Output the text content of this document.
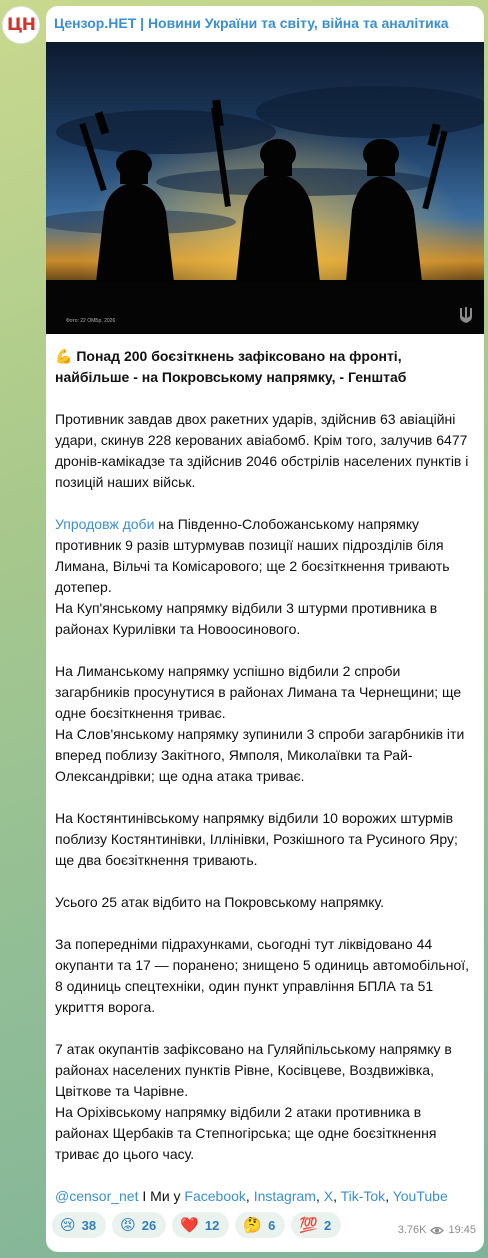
ЦН Цензор.НЕТ | Новини України та світу, війна та аналітика
Фото: 22 ОМБр, 2026
💪 Понад 200 боєзіткнень зафіксовано на фронті, найбільше - на Покровському напрямку, - Генштаб
Противник завдав двох ракетних ударів, здійснив 63 авіаційні удари, скинув 228 керованих авіабомб. Крім того, залучив 6477 дронів-камікадзе та здійснив 2046 обстрілів населених пунктів і позицій наших військ.
Упродовж доби на Південно-Слобожанському напрямку противник 9 разів штурмував позиції наших підрозділів біля Лимана, Вільчі та Комісарового; ще 2 боєзіткнення тривають дотепер.
На Куп'янському напрямку відбили 3 штурми противника в районах Курилівки та Новоосинового.
На Лиманському напрямку успішно відбили 2 спроби загарбників просунутися в районах Лимана та Чернещини; ще одне боєзіткнення триває.
На Слов'янському напрямку зупинили 3 спроби загарбників іти вперед поблизу Закітного, Ямполя, Миколаївки та Рай-Олександрівки; ще одна атака триває.
На Костянтинівському напрямку відбили 10 ворожих штурмів поблизу Костянтинівки, Іллінівки, Розкішного та Русиного Яру; ще два боєзіткнення тривають.
Усього 25 атак відбито на Покровському напрямку.
За попередніми підрахунками, сьогодні тут ліквідовано 44 окупанти та 17 — поранено; знищено 5 одиниць автомобільної, 8 одиниць спецтехніки, один пункт управління БПЛА та 51 укриття ворога.
7 атак окупантів зафіксовано на Гуляйпільському напрямку в районах населених пунктів Рівне, Косівцеве, Воздвижівка, Цвіткове та Чарівне.
На Оріхівському напрямку відбили 2 атаки противника в районах Щербаків та Степногірська; ще одне боєзіткнення триває до цього часу.
@censor_net І Ми у Facebook, Instagram, X, Tik-Tok, YouTube
😢 38 😡 26 ❤️ 12 🤔 6 💯 2	3.76K 19:45
